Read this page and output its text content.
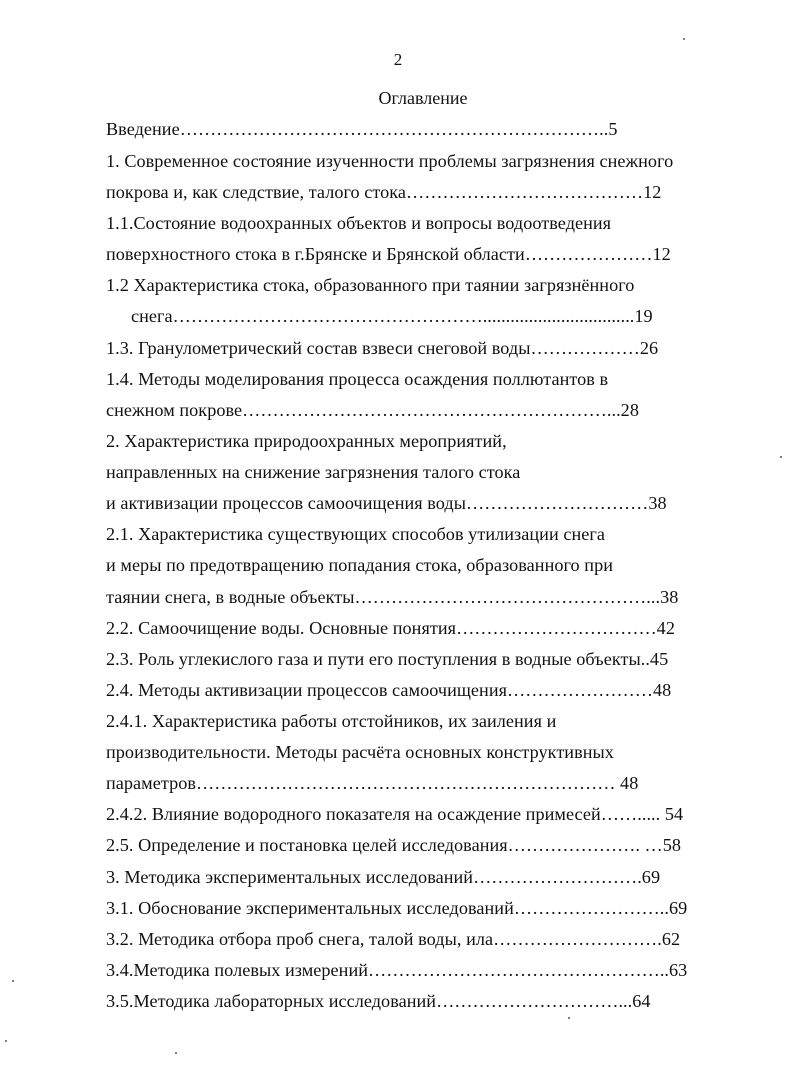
2
Оглавление
Введение……………………………………………………………..5
1. Современное состояние изученности проблемы загрязнения снежного
покрова и, как следствие, талого стока…………………………………12
1.1.Состояние водоохранных объектов и вопросы водоотведения
поверхностного стока в г.Брянске и Брянской области…………………12
1.2 Характеристика стока, образованного при таянии загрязнённого
снега…………………………………………….................................19
1.3. Гранулометрический состав взвеси снеговой воды………………26
1.4. Методы моделирования процесса осаждения поллютантов в
снежном покрове……………………………………………………...28
2. Характеристика природоохранных мероприятий,
направленных на снижение загрязнения талого стока
и активизации процессов самоочищения воды…………………………38
2.1. Характеристика существующих способов утилизации снега
и меры по предотвращению попадания стока, образованного при
таянии снега, в водные объекты…………………………………………...38
2.2. Самоочищение воды. Основные понятия……………………………42
2.3. Роль углекислого газа и пути его поступления в водные объекты..45
2.4. Методы активизации процессов самоочищения……………………48
2.4.1. Характеристика работы отстойников, их заиления и
производительности. Методы расчёта основных конструктивных
параметров…………………………………………………………… 48
2.4.2. Влияние водородного показателя на осаждение примесей……..... 54
2.5. Определение и постановка целей исследования…………………. …58
3. Методика экспериментальных исследований……………………….69
3.1. Обоснование экспериментальных исследований……………………..69
3.2. Методика отбора проб снега, талой воды, ила……………………….62
3.4.Методика полевых измерений…………………………………………..63
3.5.Методика лабораторных исследований…………………………...64
